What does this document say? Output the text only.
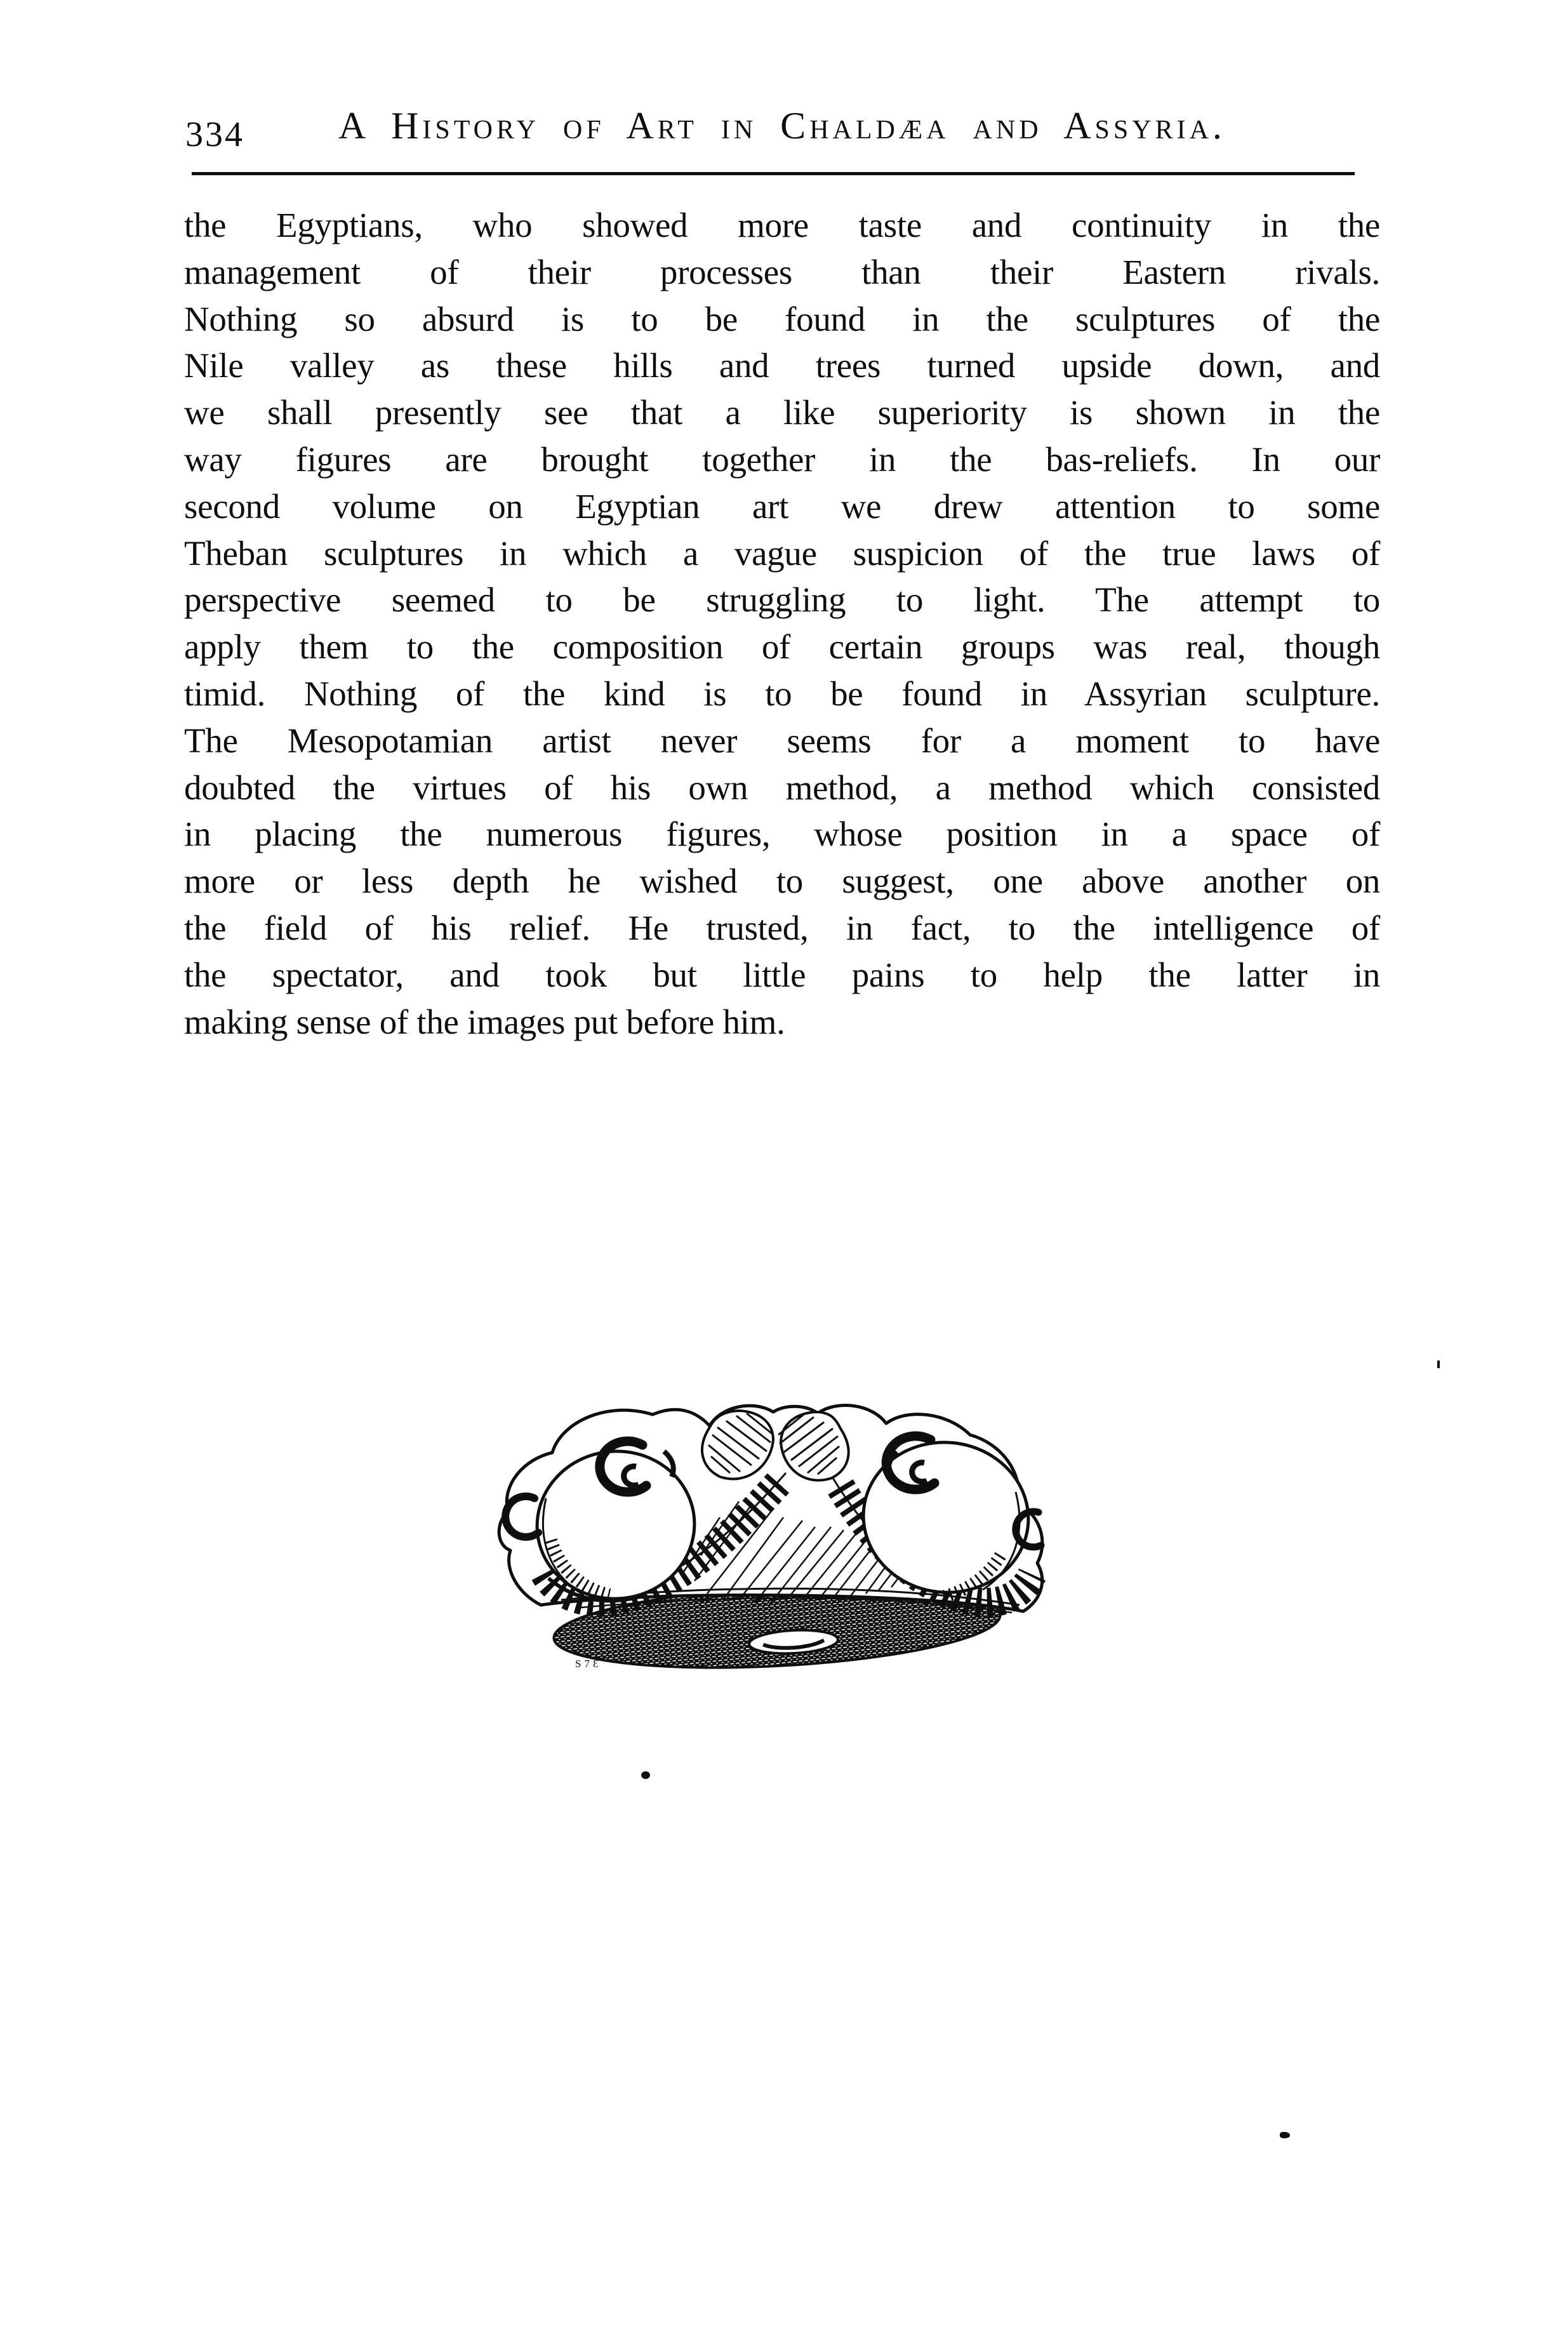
334	A History of Art in Chaldæa and Assyria.
the Egyptians, who showed more taste and continuity in the
management of their processes than their Eastern rivals.
Nothing so absurd is to be found in the sculptures of the
Nile valley as these hills and trees turned upside down, and
we shall presently see that a like superiority is shown in the
way figures are brought together in the bas-reliefs. In our
second volume on Egyptian art we drew attention to some
Theban sculptures in which a vague suspicion of the true laws of
perspective seemed to be struggling to light. The attempt to
apply them to the composition of certain groups was real, though
timid. Nothing of the kind is to be found in Assyrian sculpture.
The Mesopotamian artist never seems for a moment to have
doubted the virtues of his own method, a method which consisted
in placing the numerous figures, whose position in a space of
more or less depth he wished to suggest, one above another on
the field of his relief. He trusted, in fact, to the intelligence of
the spectator, and took but little pains to help the latter in
making sense of the images put before him.
S7Ɛ
